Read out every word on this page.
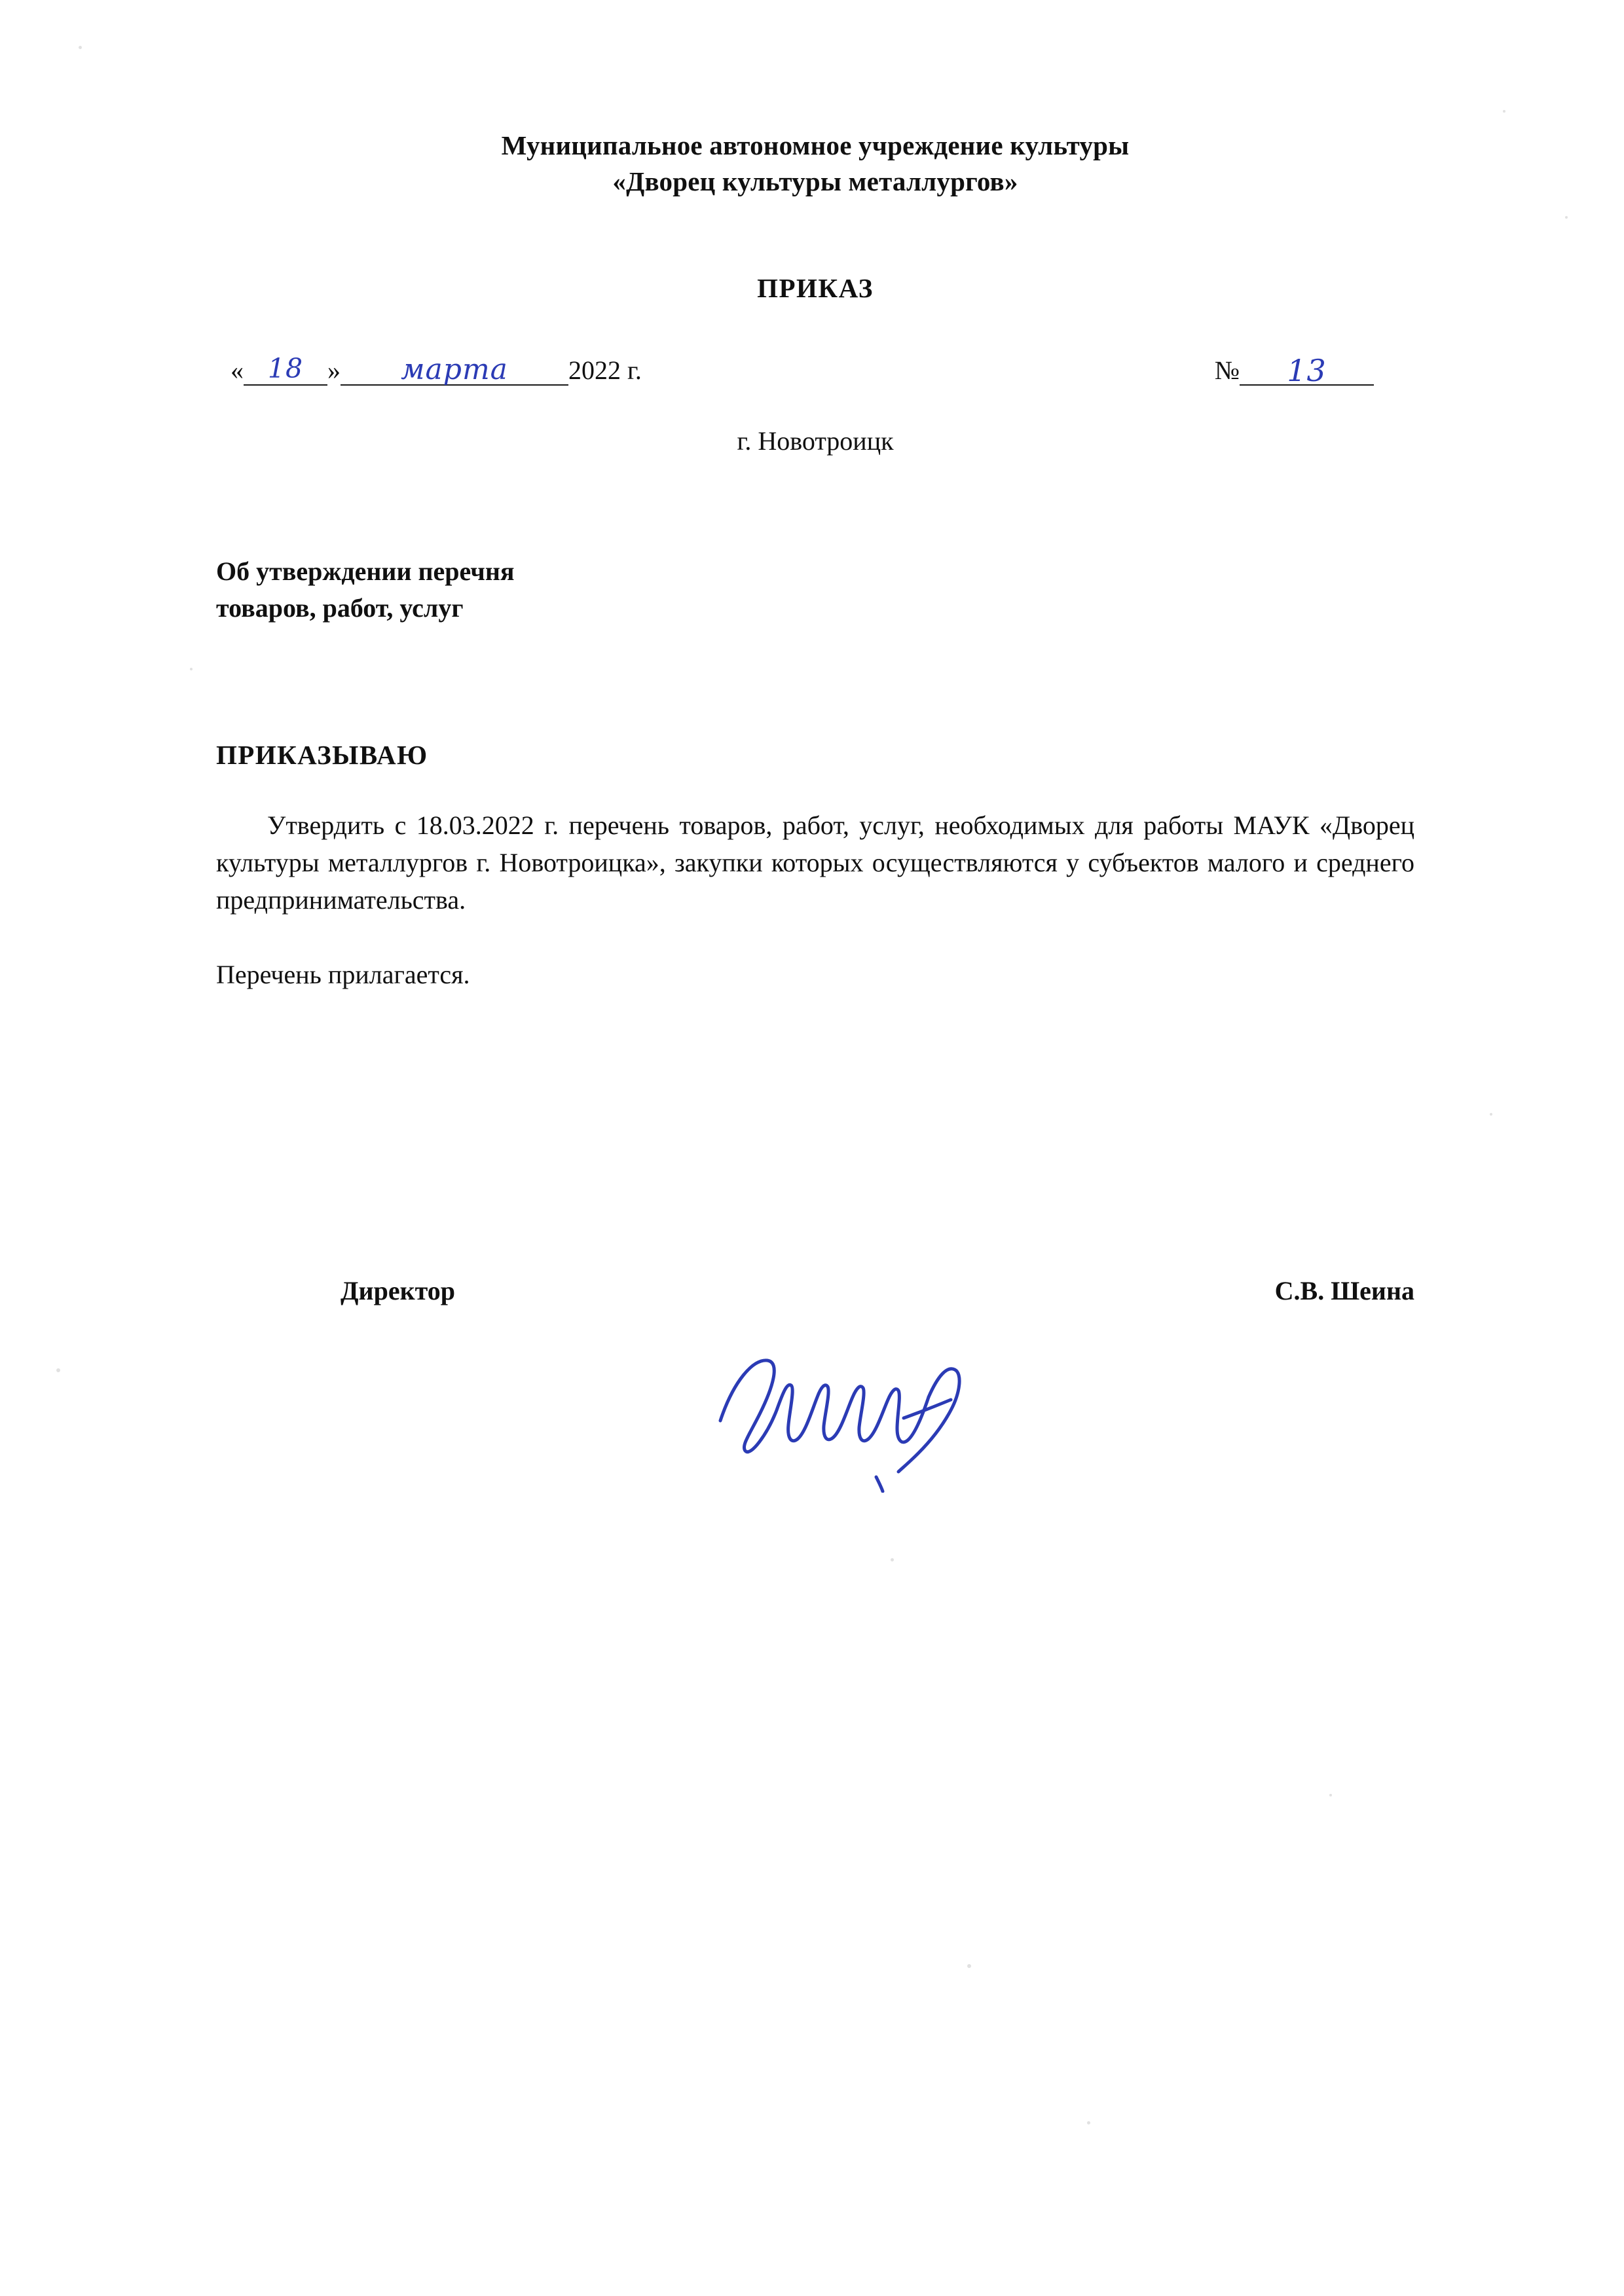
Муниципальное автономное учреждение культуры
«Дворец культуры металлургов»
ПРИКАЗ
« 18 » марта 2022 г.	№ 13
г. Новотроицк
Об утверждении перечня
товаров, работ, услуг
ПРИКАЗЫВАЮ
Утвердить с 18.03.2022 г. перечень товаров, работ, услуг, необходимых для работы МАУК «Дворец культуры металлургов г. Новотроицка», закупки которых осуществляются у субъектов малого и среднего предпринимательства.
Перечень прилагается.
Директор	С.В. Шеина
